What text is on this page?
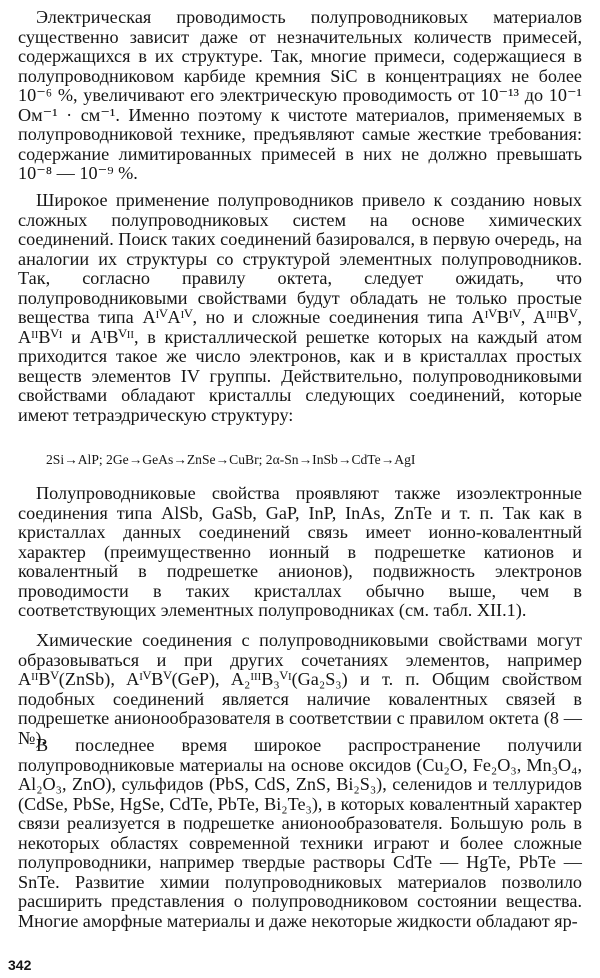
Электрическая проводимость полупроводниковых материалов существенно зависит даже от незначительных количеств примесей, содержащихся в их структуре. Так, многие примеси, содержащиеся в полупроводниковом карбиде кремния SiC в концентрациях не более 10⁻⁶ %, увеличивают его электрическую проводимость от 10⁻¹³ до 10⁻¹ Ом⁻¹ · см⁻¹. Именно поэтому к чистоте материалов, применяемых в полупроводниковой технике, предъявляют самые жесткие требования: содержание лимитированных примесей в них не должно превышать 10⁻⁸ — 10⁻⁹ %.

Широкое применение полупроводников привело к созданию новых сложных полупроводниковых систем на основе химических соединений. Поиск таких соединений базировался, в первую очередь, на аналогии их структуры со структурой элементных полупроводников. Так, согласно правилу октета, следует ожидать, что полупроводниковыми свойствами будут обладать не только простые вещества типа AᴵⱽAᴵⱽ, но и сложные соединения типа AᴵⱽBᴵⱽ, AᴵᴵᴵBⱽ, AᴵᴵBⱽᴵ и AᴵBⱽᴵᴵ, в кристаллической решетке которых на каждый атом приходится такое же число электронов, как и в кристаллах простых веществ элементов IV группы. Действительно, полупроводниковыми свойствами обладают кристаллы следующих соединений, которые имеют тетраэдрическую структуру:

2Si→AlP; 2Ge→GeAs→ZnSe→CuBr; 2α-Sn→InSb→CdTe→AgI

Полупроводниковые свойства проявляют также изоэлектронные соединения типа AlSb, GaSb, GaP, InP, InAs, ZnTe и т. п. Так как в кристаллах данных соединений связь имеет ионно-ковалентный характер (преимущественно ионный в подрешетке катионов и ковалентный в подрешетке анионов), подвижность электронов проводимости в таких кристаллах обычно выше, чем в соответствующих элементных полупроводниках (см. табл. XII.1).

Химические соединения с полупроводниковыми свойствами могут образовываться и при других сочетаниях элементов, например AᴵᴵBⱽ(ZnSb), AᴵⱽBⱽ(GeP), A₂ᴵᴵᴵB₃ⱽᴵ(Ga₂S₃) и т. п. Общим свойством подобных соединений является наличие ковалентных связей в подрешетке анионообразователя в соответствии с правилом октета (8 — №).

В последнее время широкое распространение получили полупроводниковые материалы на основе оксидов (Cu₂O, Fe₂O₃, Mn₃O₄, Al₂O₃, ZnO), сульфидов (PbS, CdS, ZnS, Bi₂S₃), селенидов и теллуридов (CdSe, PbSe, HgSe, CdTe, PbTe, Bi₂Te₃), в которых ковалентный характер связи реализуется в подрешетке анионообразователя. Большую роль в некоторых областях современной техники играют и более сложные полупроводники, например твердые растворы CdTe — HgTe, PbTe — SnTe. Развитие химии полупроводниковых материалов позволило расширить представления о полупроводниковом состоянии вещества. Многие аморфные материалы и даже некоторые жидкости обладают яр-

342
